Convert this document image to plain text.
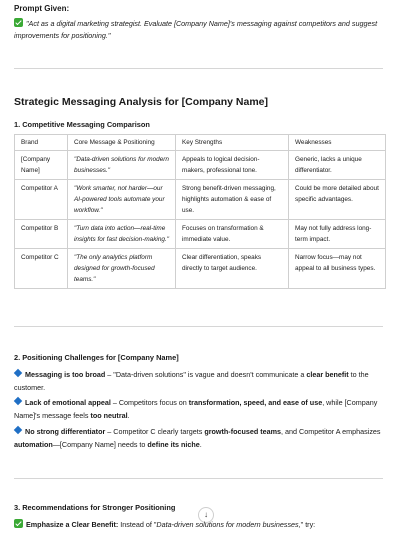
Prompt Given:
"Act as a digital marketing strategist. Evaluate [Company Name]'s messaging against competitors and suggest improvements for positioning."
Strategic Messaging Analysis for [Company Name]
1. Competitive Messaging Comparison
Brand	Core Message & Positioning	Key Strengths	Weaknesses
[Company Name]	"Data-driven solutions for modern businesses."	Appeals to logical decision-makers, professional tone.	Generic, lacks a unique differentiator.
Competitor A	"Work smarter, not harder—our AI-powered tools automate your workflow."	Strong benefit-driven messaging, highlights automation & ease of use.	Could be more detailed about specific advantages.
Competitor B	"Turn data into action—real-time insights for fast decision-making."	Focuses on transformation & immediate value.	May not fully address long-term impact.
Competitor C	"The only analytics platform designed for growth-focused teams."	Clear differentiation, speaks directly to target audience.	Narrow focus—may not appeal to all business types.
2. Positioning Challenges for [Company Name]
Messaging is too broad – "Data-driven solutions" is vague and doesn't communicate a clear benefit to the customer.
Lack of emotional appeal – Competitors focus on transformation, speed, and ease of use, while [Company Name]'s message feels too neutral.
No strong differentiator – Competitor C clearly targets growth-focused teams, and Competitor A emphasizes automation—[Company Name] needs to define its niche.
3. Recommendations for Stronger Positioning
↓
Emphasize a Clear Benefit: Instead of "Data-driven solutions for modern businesses," try:
